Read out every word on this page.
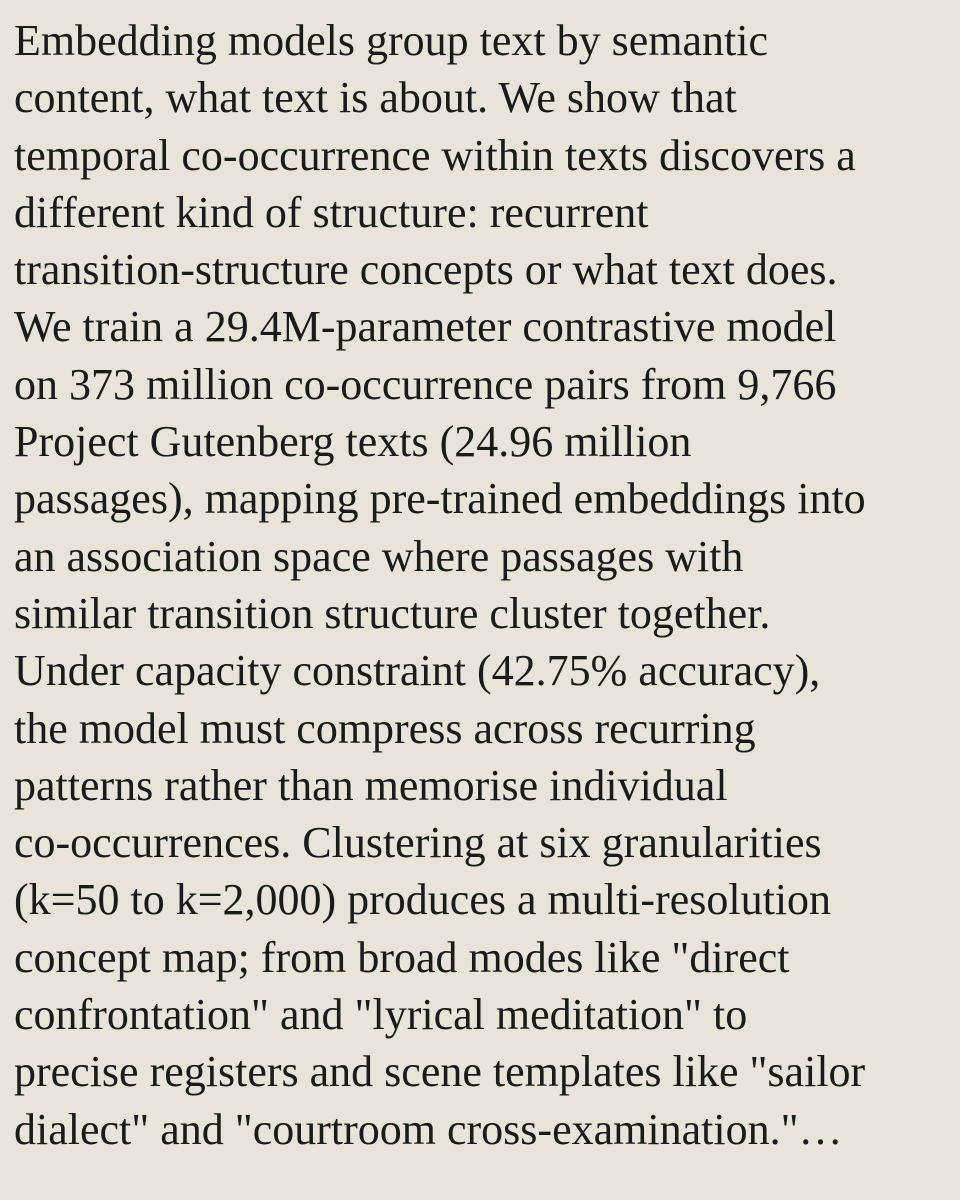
Embedding models group text by semantic
content, what text is about. We show that
temporal co-occurrence within texts discovers a
different kind of structure: recurrent
transition-structure concepts or what text does.
We train a 29.4M-parameter contrastive model
on 373 million co-occurrence pairs from 9,766
Project Gutenberg texts (24.96 million
passages), mapping pre-trained embeddings into
an association space where passages with
similar transition structure cluster together.
Under capacity constraint (42.75% accuracy),
the model must compress across recurring
patterns rather than memorise individual
co-occurrences. Clustering at six granularities
(k=50 to k=2,000) produces a multi-resolution
concept map; from broad modes like "direct
confrontation" and "lyrical meditation" to
precise registers and scene templates like "sailor
dialect" and "courtroom cross-examination."…
